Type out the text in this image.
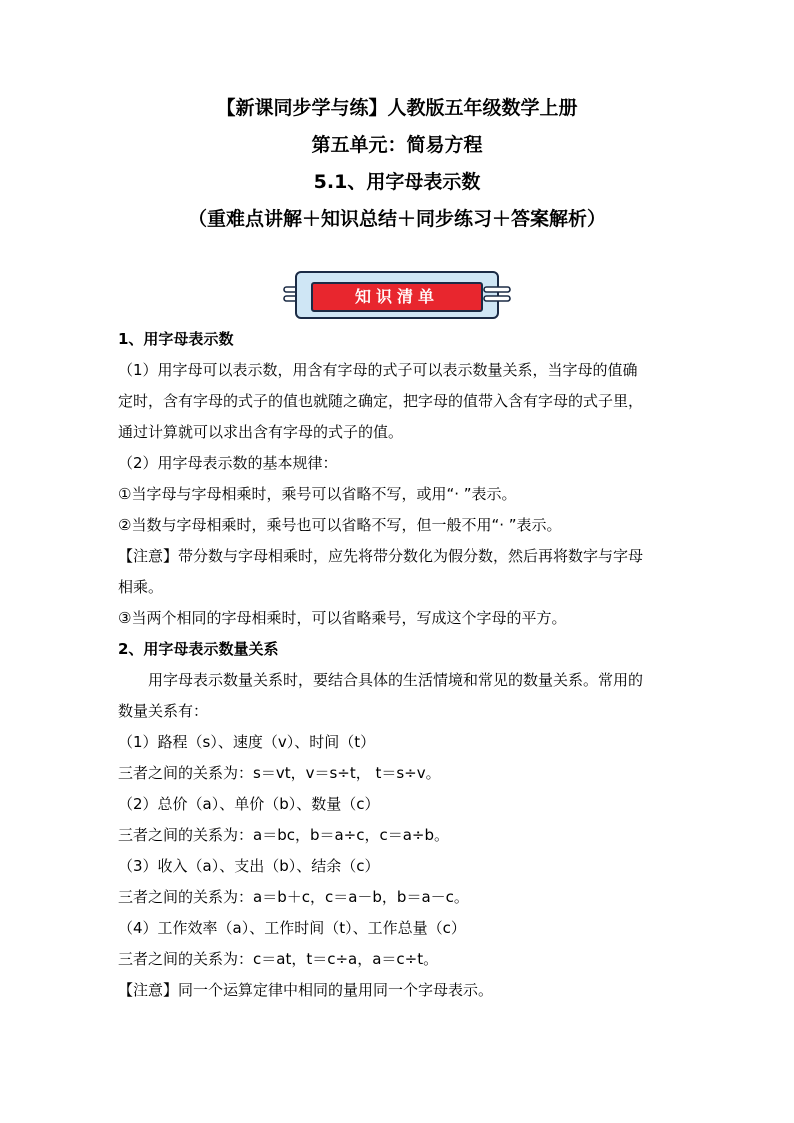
【新课同步学与练】人教版五年级数学上册
第五单元：简易方程
5.1、用字母表示数
（重难点讲解＋知识总结＋同步练习＋答案解析）
知识清单
1、用字母表示数
（1）用字母可以表示数，用含有字母的式子可以表示数量关系，当字母的值确
定时，含有字母的式子的值也就随之确定，把字母的值带入含有字母的式子里，
通过计算就可以求出含有字母的式子的值。
（2）用字母表示数的基本规律：
①当字母与字母相乘时，乘号可以省略不写，或用“· ”表示。
②当数与字母相乘时，乘号也可以省略不写，但一般不用“· ”表示。
【注意】带分数与字母相乘时，应先将带分数化为假分数，然后再将数字与字母
相乘。
③当两个相同的字母相乘时，可以省略乘号，写成这个字母的平方。
2、用字母表示数量关系
用字母表示数量关系时，要结合具体的生活情境和常见的数量关系。常用的
数量关系有：
（1）路程（s）、速度（v）、时间（t）
三者之间的关系为：s＝vt，v＝s÷t， t＝s÷v。
（2）总价（a）、单价（b）、数量（c）
三者之间的关系为：a＝bc，b＝a÷c，c＝a÷b。
（3）收入（a）、支出（b）、结余（c）
三者之间的关系为：a＝b＋c，c＝a－b，b＝a－c。
（4）工作效率（a）、工作时间（t）、工作总量（c）
三者之间的关系为：c＝at，t＝c÷a，a＝c÷t。
【注意】同一个运算定律中相同的量用同一个字母表示。
